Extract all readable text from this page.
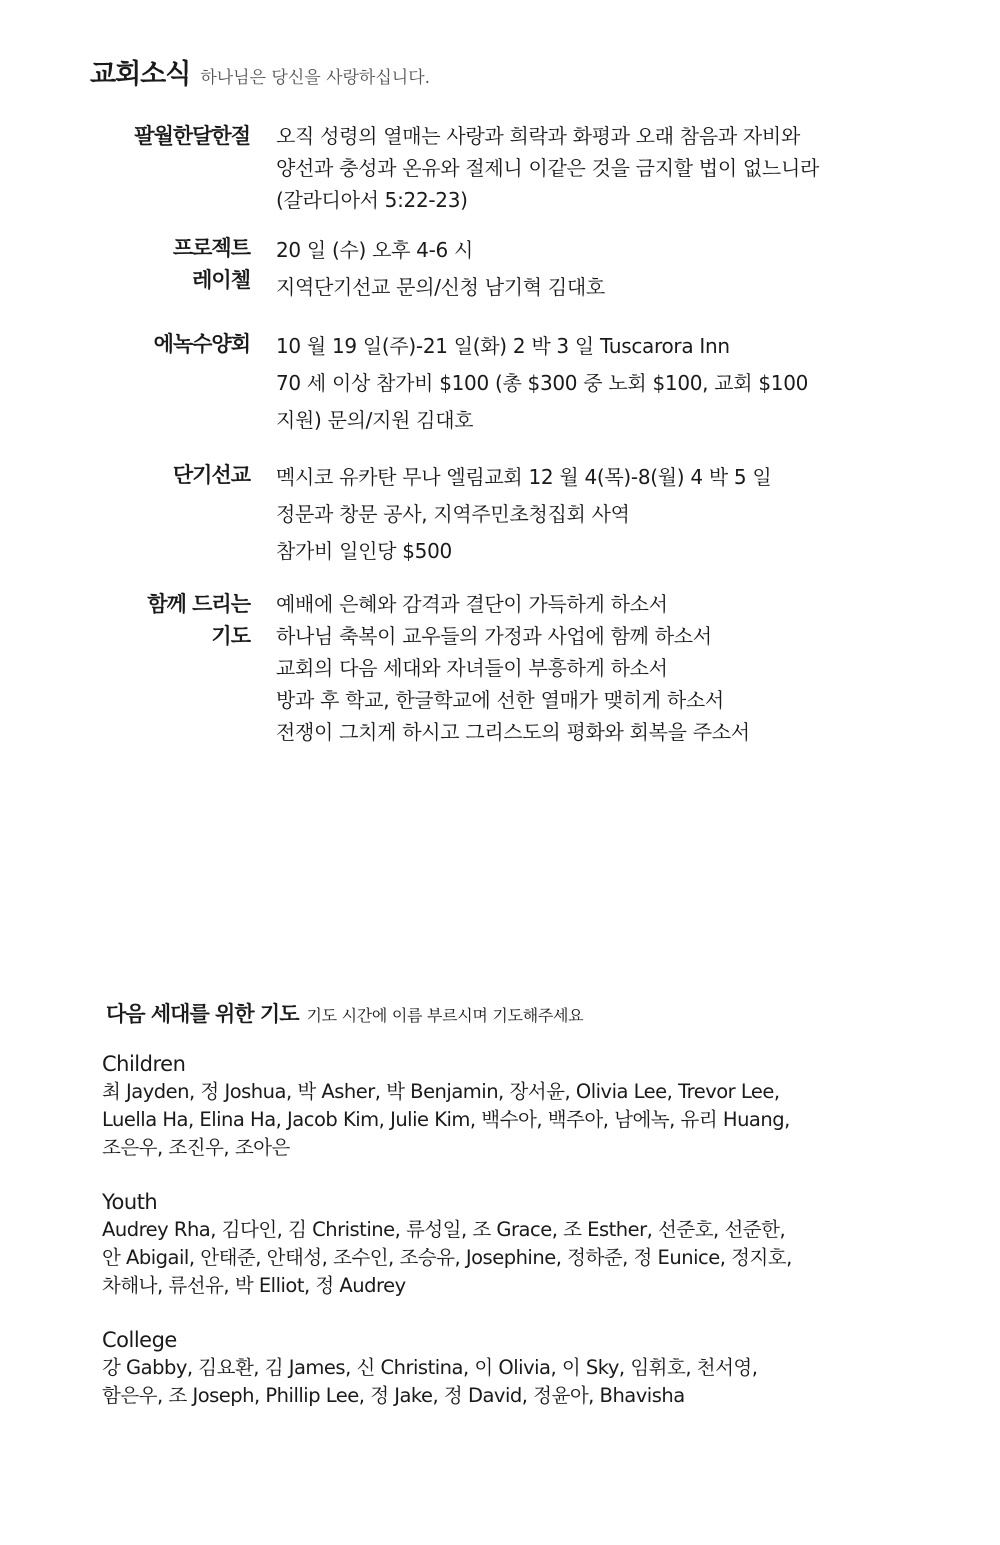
교회소식 하나님은 당신을 사랑하십니다.
팔월한달한절 오직 성령의 열매는 사랑과 희락과 화평과 오래 참음과 자비와
양선과 충성과 온유와 절제니 이같은 것을 금지할 법이 없느니라
(갈라디아서 5:22-23)
프로젝트
레이첼
20 일 (수) 오후 4-6 시
지역단기선교 문의/신청 남기혁 김대호
에녹수양회 10 월 19 일(주)-21 일(화) 2 박 3 일 Tuscarora Inn
70 세 이상 참가비 $100 (총 $300 중 노회 $100, 교회 $100
지원) 문의/지원 김대호
단기선교 멕시코 유카탄 무나 엘림교회 12 월 4(목)-8(월) 4 박 5 일
정문과 창문 공사, 지역주민초청집회 사역
참가비 일인당 $500
함께 드리는
기도
예배에 은혜와 감격과 결단이 가득하게 하소서
하나님 축복이 교우들의 가정과 사업에 함께 하소서
교회의 다음 세대와 자녀들이 부흥하게 하소서
방과 후 학교, 한글학교에 선한 열매가 맺히게 하소서
전쟁이 그치게 하시고 그리스도의 평화와 회복을 주소서
다음 세대를 위한 기도 기도 시간에 이름 부르시며 기도해주세요
Children
최 Jayden, 정 Joshua, 박 Asher, 박 Benjamin, 장서윤, Olivia Lee, Trevor Lee,
Luella Ha, Elina Ha, Jacob Kim, Julie Kim, 백수아, 백주아, 남에녹, 유리 Huang,
조은우, 조진우, 조아은
Youth
Audrey Rha, 김다인, 김 Christine, 류성일, 조 Grace, 조 Esther, 선준호, 선준한,
안 Abigail, 안태준, 안태성, 조수인, 조승유, Josephine, 정하준, 정 Eunice, 정지호,
차해나, 류선유, 박 Elliot, 정 Audrey
College
강 Gabby, 김요환, 김 James, 신 Christina, 이 Olivia, 이 Sky, 임휘호, 천서영,
함은우, 조 Joseph, Phillip Lee, 정 Jake, 정 David, 정윤아, Bhavisha
